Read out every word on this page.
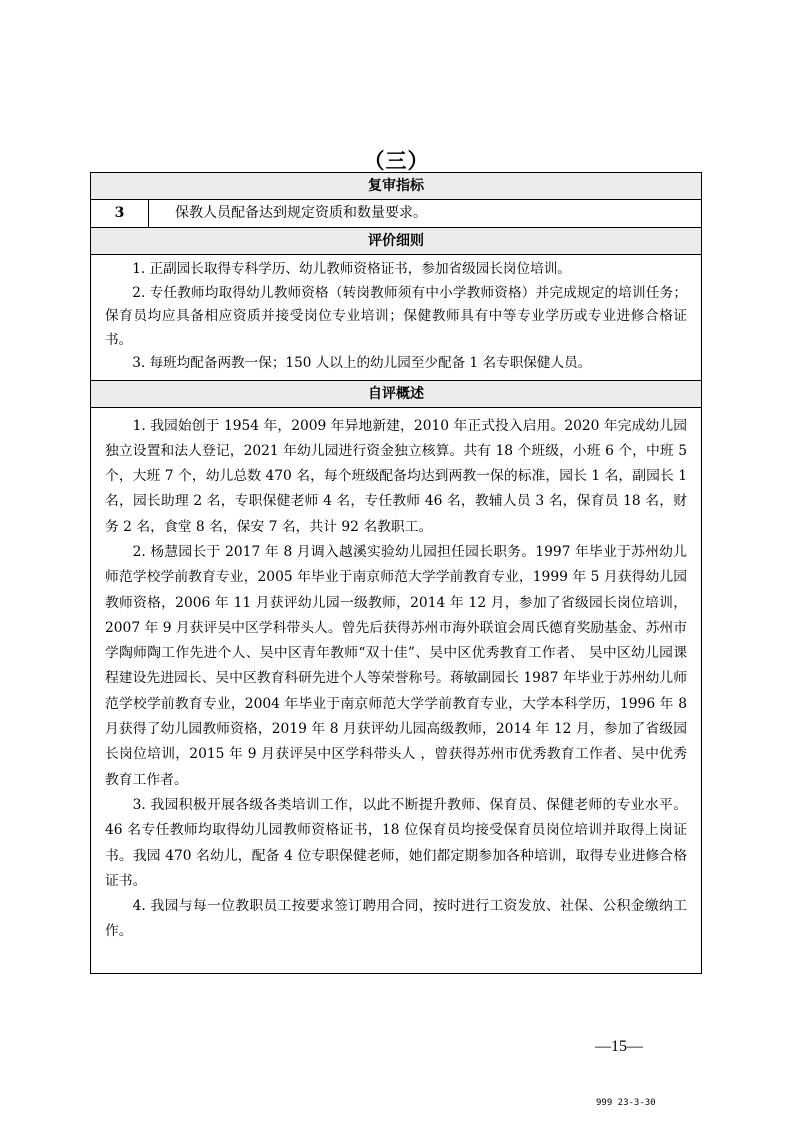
（三）
复审指标
3	保教人员配备达到规定资质和数量要求。
评价细则

1. 正副园长取得专科学历、幼儿教师资格证书，参加省级园长岗位培训。

2. 专任教师均取得幼儿教师资格（转岗教师须有中小学教师资格）并完成规定的培训任务；保育员均应具备相应资质并接受岗位专业培训；保健教师具有中等专业学历或专业进修合格证书。

3. 每班均配备两教一保；150 人以上的幼儿园至少配备 1 名专职保健人员。

自评概述

1. 我园始创于 1954 年，2009 年异地新建，2010 年正式投入启用。2020 年完成幼儿园独立设置和法人登记，2021 年幼儿园进行资金独立核算。共有 18 个班级，小班 6 个，中班 5 个，大班 7 个，幼儿总数 470 名，每个班级配备均达到两教一保的标准，园长 1 名，副园长 1 名，园长助理 2 名，专职保健老师 4 名，专任教师 46 名，教辅人员 3 名，保育员 18 名，财务 2 名，食堂 8 名，保安 7 名，共计 92 名教职工。

2. 杨慧园长于 2017 年 8 月调入越溪实验幼儿园担任园长职务。1997 年毕业于苏州幼儿师范学校学前教育专业，2005 年毕业于南京师范大学学前教育专业，1999 年 5 月获得幼儿园教师资格，2006 年 11 月获评幼儿园一级教师，2014 年 12 月，参加了省级园长岗位培训，2007 年 9 月获评吴中区学科带头人。曾先后获得苏州市海外联谊会周氏德育奖励基金、苏州市学陶师陶工作先进个人、吴中区青年教师“双十佳”、吴中区优秀教育工作者、 吴中区幼儿园课程建设先进园长、吴中区教育科研先进个人等荣誉称号。蒋敏副园长 1987 年毕业于苏州幼儿师范学校学前教育专业，2004 年毕业于南京师范大学学前教育专业，大学本科学历，1996 年 8 月获得了幼儿园教师资格，2019 年 8 月获评幼儿园高级教师，2014 年 12 月，参加了省级园长岗位培训，2015 年 9 月获评吴中区学科带头人 ，曾获得苏州市优秀教育工作者、吴中优秀教育工作者。

3. 我园积极开展各级各类培训工作，以此不断提升教师、保育员、保健老师的专业水平。46 名专任教师均取得幼儿园教师资格证书，18 位保育员均接受保育员岗位培训并取得上岗证书。我园 470 名幼儿，配备 4 位专职保健老师，她们都定期参加各种培训，取得专业进修合格证书。

4. 我园与每一位教职员工按要求签订聘用合同，按时进行工资发放、社保、公积金缴纳工作。

—15—
999 23-3-30
